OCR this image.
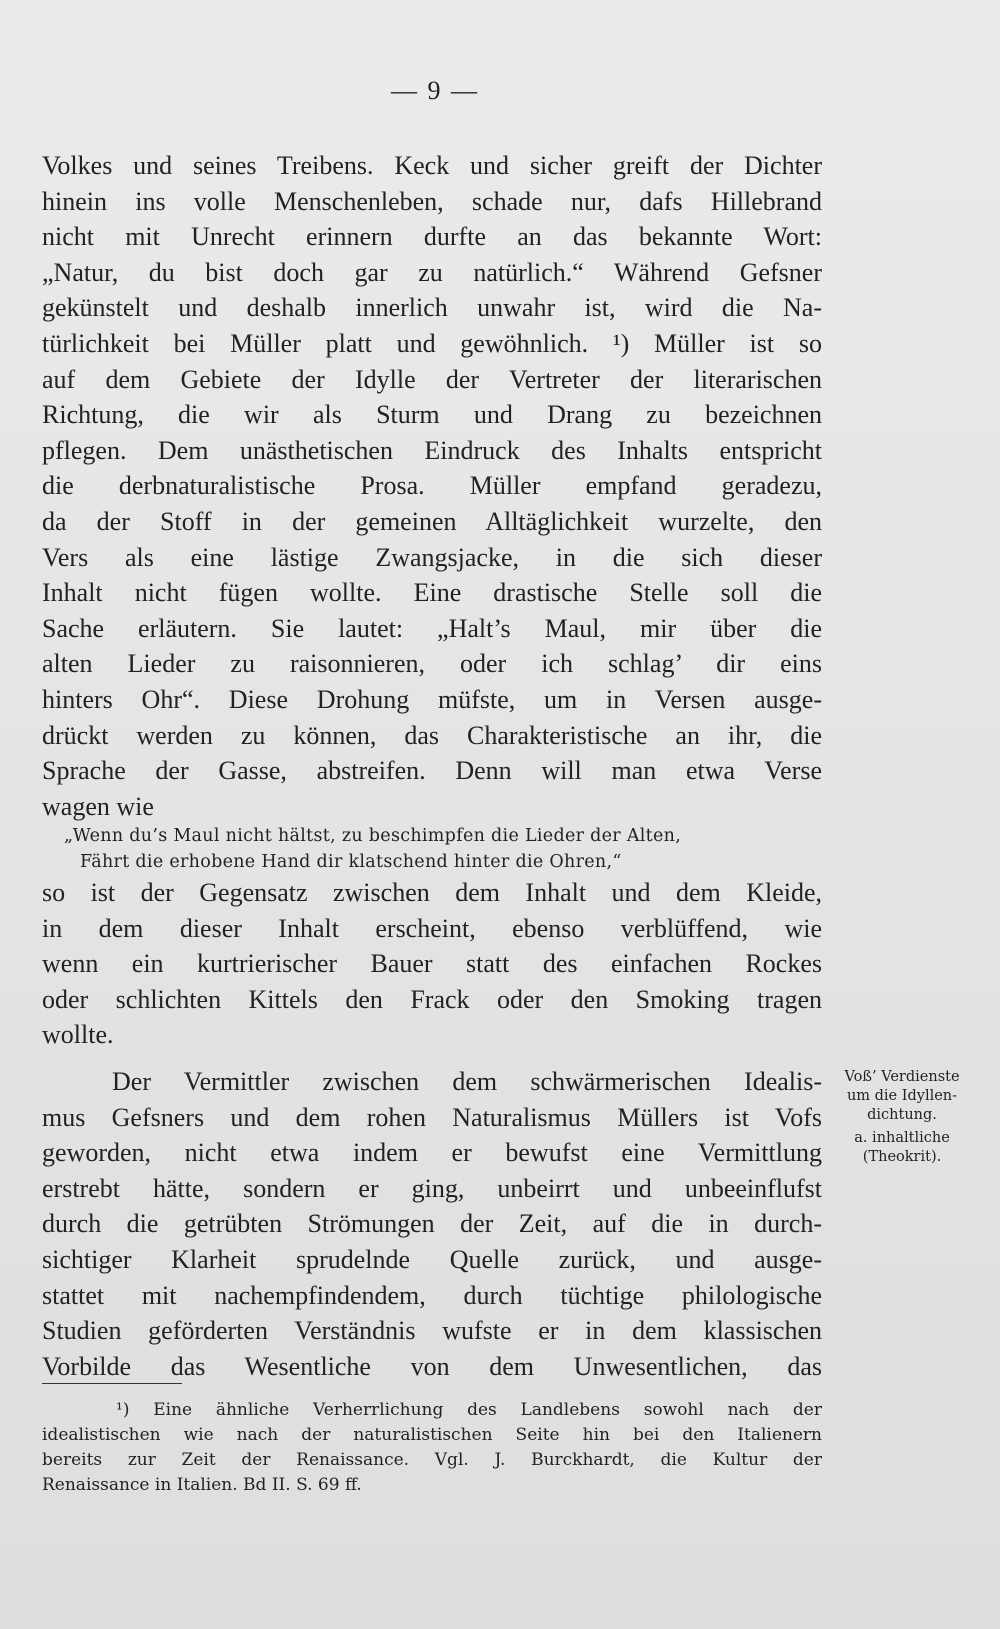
— 9 —
Volkes und seines Treibens. Keck und sicher greift der Dichter
hinein ins volle Menschenleben, schade nur, dafs Hillebrand
nicht mit Unrecht erinnern durfte an das bekannte Wort:
„Natur, du bist doch gar zu natürlich.“ Während Gefsner
gekünstelt und deshalb innerlich unwahr ist, wird die Na-
türlichkeit bei Müller platt und gewöhnlich. ¹) Müller ist so
auf dem Gebiete der Idylle der Vertreter der literarischen
Richtung, die wir als Sturm und Drang zu bezeichnen
pflegen. Dem unästhetischen Eindruck des Inhalts entspricht
die derbnaturalistische Prosa. Müller empfand geradezu,
da der Stoff in der gemeinen Alltäglichkeit wurzelte, den
Vers als eine lästige Zwangsjacke, in die sich dieser
Inhalt nicht fügen wollte. Eine drastische Stelle soll die
Sache erläutern. Sie lautet: „Halt’s Maul, mir über die
alten Lieder zu raisonnieren, oder ich schlag’ dir eins
hinters Ohr“. Diese Drohung müfste, um in Versen ausge-
drückt werden zu können, das Charakteristische an ihr, die
Sprache der Gasse, abstreifen. Denn will man etwa Verse
wagen wie
„Wenn du’s Maul nicht hältst, zu beschimpfen die Lieder der Alten,
Fährt die erhobene Hand dir klatschend hinter die Ohren,“
so ist der Gegensatz zwischen dem Inhalt und dem Kleide,
in dem dieser Inhalt erscheint, ebenso verblüffend, wie
wenn ein kurtrierischer Bauer statt des einfachen Rockes
oder schlichten Kittels den Frack oder den Smoking tragen
wollte.
Der Vermittler zwischen dem schwärmerischen Idealis-
mus Gefsners und dem rohen Naturalismus Müllers ist Vofs
geworden, nicht etwa indem er bewufst eine Vermittlung
erstrebt hätte, sondern er ging, unbeirrt und unbeeinflufst
durch die getrübten Strömungen der Zeit, auf die in durch-
sichtiger Klarheit sprudelnde Quelle zurück, und ausge-
stattet mit nachempfindendem, durch tüchtige philologische
Studien geförderten Verständnis wufste er in dem klassischen
Vorbilde das Wesentliche von dem Unwesentlichen, das
Voß’ Verdienste
um die Idyllen-
dichtung.
a. inhaltliche
(Theokrit).
¹) Eine ähnliche Verherrlichung des Landlebens sowohl nach der
idealistischen wie nach der naturalistischen Seite hin bei den Italienern
bereits zur Zeit der Renaissance. Vgl. J. Burckhardt, die Kultur der
Renaissance in Italien. Bd II. S. 69 ff.
